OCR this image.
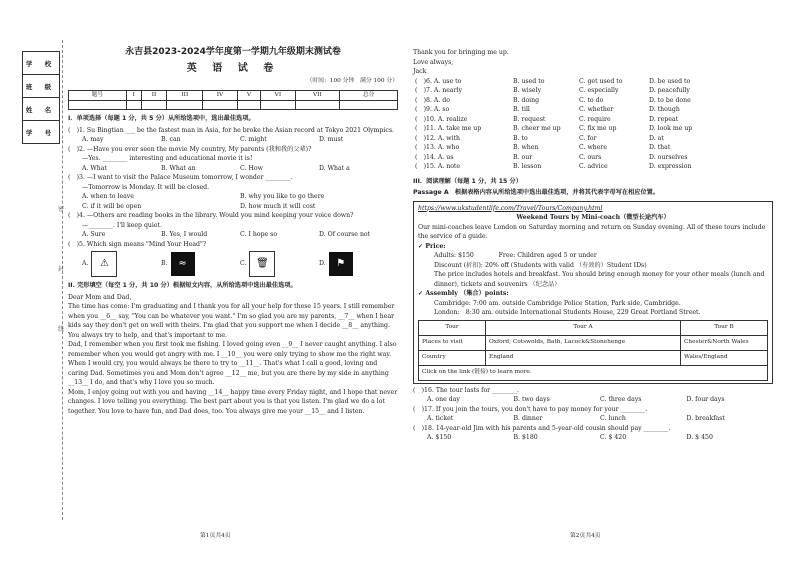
学 校
班 级
姓 名
学 号
密
封
线
永吉县2023-2024学年度第一学期九年级期末测试卷
英 语 试 卷
（时间：100 分钟　满分 100 分）
题号	I	II	III	IV	V	VI	VII	总分

I．单项选择（每题 1 分，共 5 分）从所给选项中，选出最佳选项。
(　)1. Su Bingtian ___ be the fastest man in Asia, for he broke the Asian record at Tokyo 2021 Olympics.
A. may	B. can	C. might	D. must
(　)2. —Have you ever seen the movie My country, My parents (我和我的父辈)?
—Yes. ________ interesting and educational movie it is!
A. What	B. What an	C. How	D. What a
(　)3. —I want to visit the Palace Museum tomorrow, I wonder ________.
—Tomorrow is Monday. It will be closed.
A. when to leave	B. why you like to go there
C. if it will be open	D. how much it will cost
(　)4. —Others are reading books in the library. Would you mind keeping your voice down?
—________. I'll keep quiet.
A. Sure	B. Yes, I would	C. I hope so	D. Of course not
(　)5. Which sign means "Mind Your Head"?
A.	⚠	B.	≈	C. 🗑	D.	⚑
II. 完形填空（每空 1 分，共 10 分）根据短文内容，从所给选项中选出最佳选项。
Dear Mom and Dad,
The time has come: I'm graduating and I thank you for all your help for these 15 years. I still remember when you __6__ say, "You can be whatever you want." I'm so glad you are my parents, __7__ when I hear kids say they don't get on well with theirs. I'm glad that you support me when I decide __8__ anything. You always try to help, and that's important to me.
Dad, I remember when you first took me fishing. I loved going even __9__ I never caught anything. I also remember when you would get angry with me. I __10__ you were only trying to show me the right way. When I would cry, you would always be there to try to __11__. That's what I call a good, loving and caring Dad. Sometimes you and Mom don't agree __12__ me, but you are there by my side in anything __13__ I do, and that's why I love you so much.
Mom, I enjoy going out with you and having __14__ happy time every Friday night, and I hope that never changes. I love telling you everything. The best part about you is that you listen. I'm glad we do a lot together. You love to have fun, and Dad does, too. You always give me your __15__ and I listen.
第1页共4页
Thank you for bringing me up.
Love always,
Jack
(　)6. A. use to	B. used to	C. get used to	D. be used to
(　)7. A. nearly	B. wisely	C. especially	D. peacefully
(　)8. A. do	B. doing	C. to do	D. to be done
(　)9. A. so	B. till	C. whether	D. though
(　)10. A. realize	B. request	C. require	D. repeat
(　)11. A. take me up	B. cheer me up	C. fix me up	D. look me up
(　)12. A. with	B. to	C. for	D. at
(　)13. A. who	B. when	C. where	D. that
(　)14. A. us	B. our	C. ours	D. ourselves
(　)15. A. note	B. lesson	C. advice	D. expression
III．阅读理解（每题 1 分，共 15 分）
Passage A　根据表格内容从所给选项中选出最佳选项，并将其代表字母写在相应位置。
https://www.ukstudentlife.com/Travel/Tours/Company.html
Weekend Tours by Mini-coach（微型长途汽车）
Our mini-coaches leave London on Saturday morning and return on Sunday evening. All of these tours include the service of a guide.
✓ Price:
Adults: $150　　　　Free: Children aged 5 or under
Discount (折扣): 20% off (Students with valid （有效的）Student IDs)
The price includes hotels and breakfast. You should bring enough money for your other meals (lunch and dinner), tickets and souvenirs （纪念品）
✓ Assembly （集合）points:
Cambridge: 7:00 am. outside Cambridge Police Station, Park side, Cambridge.
London:　8:30 am. outside International Students House, 229 Great Portland Street.
Tour	Tour A	Tour B
Places to visit	Oxford, Cotswolds, Bath, Lacock&Stonehenge	Chester&North Wales
Country	England	Wales/England
Click on the link (链接) to learn more.		
(　)16. The tour lasts for ________.
A. one day	B. two days	C. three days	D. four days
(　)17. If you join the tours, you don't have to pay money for your ________.
A. ticket	B. dinner	C. lunch	D. breakfast
(　)18. 14-year-old Jim with his parents and 5-year-old cousin should pay ________.
A. $150	B. $180	C. $ 420	D. $ 450
第2页共4页
